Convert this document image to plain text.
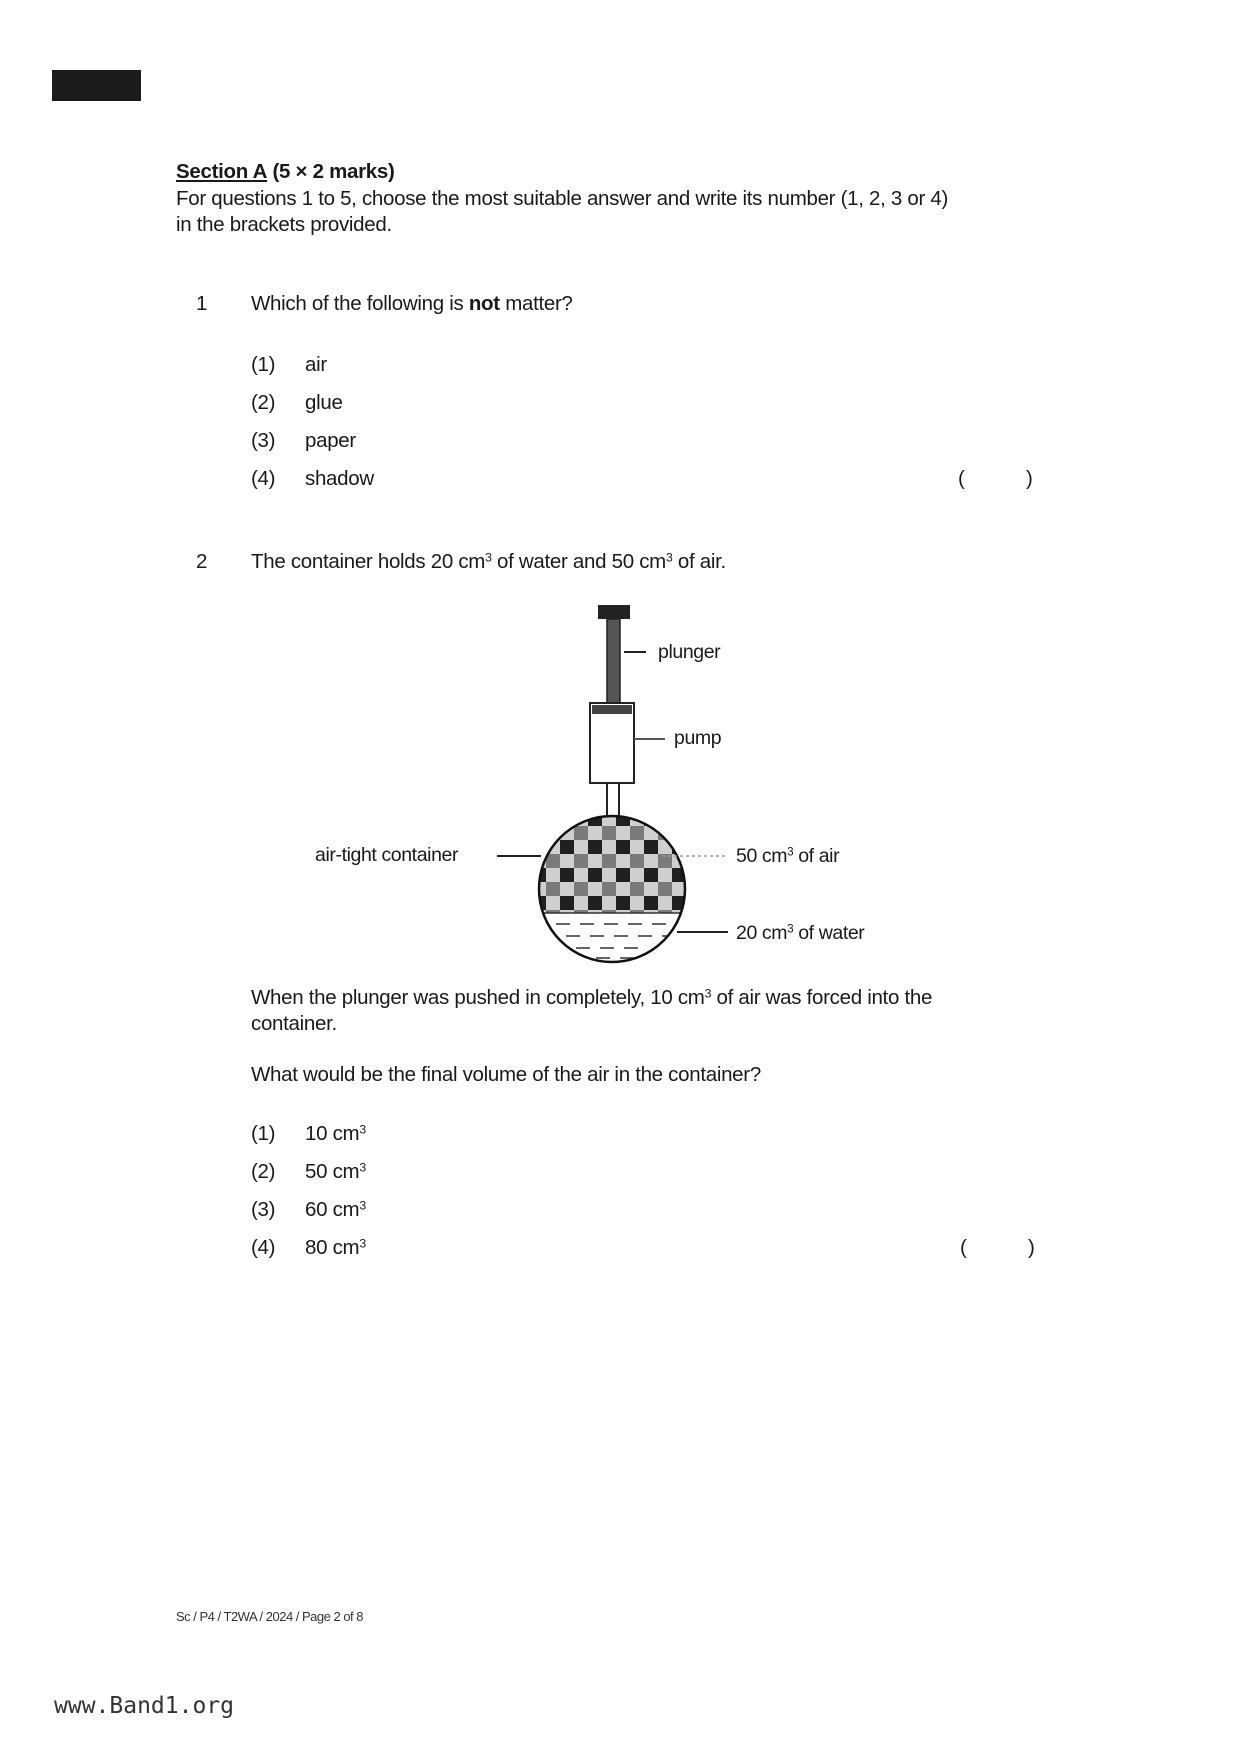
Section A (5 × 2 marks)
For questions 1 to 5, choose the most suitable answer and write its number (1, 2, 3 or 4)
in the brackets provided.
1 Which of the following is not matter?
(1) air
(2) glue
(3) paper
(4) shadow	(	)
2 The container holds 20 $cm^3$ of water and 50 $cm^3$ of air.
plunger
pump
air-tight container	50 $cm^3$ of air
20 $cm^3$ of water
When the plunger was pushed in completely, 10 $cm^3$ of air was forced into the
container.
What would be the final volume of the air in the container?
(1) 10 $cm^3$
(2) 50 $cm^3$
(3) 60 $cm^3$
(4) 80 $cm^3$	(	)
Sc / P4 / T2WA / 2024 / Page 2 of 8
www.Band1.org
